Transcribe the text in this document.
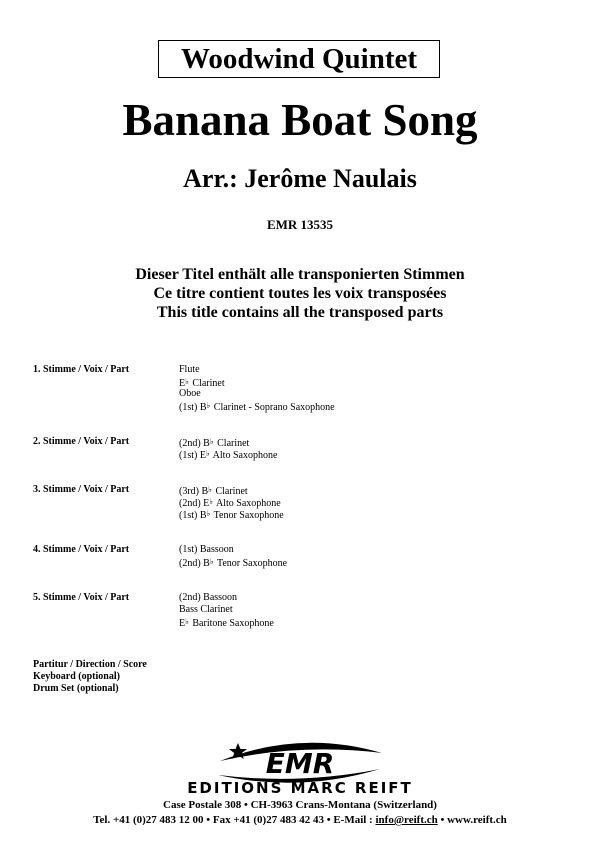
Woodwind Quintet
Banana Boat Song
Arr.: Jerôme Naulais
EMR 13535
Dieser Titel enthält alle transponierten Stimmen
Ce titre contient toutes les voix transposées
This title contains all the transposed parts
1. Stimme / Voix / Part	Flute
E♭ Clarinet
Oboe
(1st) B♭ Clarinet - Soprano Saxophone
2. Stimme / Voix / Part	(2nd) B♭ Clarinet
(1st) E♭ Alto Saxophone
3. Stimme / Voix / Part	(3rd) B♭ Clarinet
(2nd) E♭ Alto Saxophone
(1st) B♭ Tenor Saxophone
4. Stimme / Voix / Part	(1st) Bassoon
(2nd) B♭ Tenor Saxophone
5. Stimme / Voix / Part	(2nd) Bassoon
Bass Clarinet
E♭ Baritone Saxophone
Partitur / Direction / Score
Keyboard (optional)
Drum Set (optional)
EMR
EDITIONS MARC REIFT
Case Postale 308 • CH-3963 Crans-Montana (Switzerland)
Tel. +41 (0)27 483 12 00 • Fax +41 (0)27 483 42 43 • E-Mail : info@reift.ch • www.reift.ch
